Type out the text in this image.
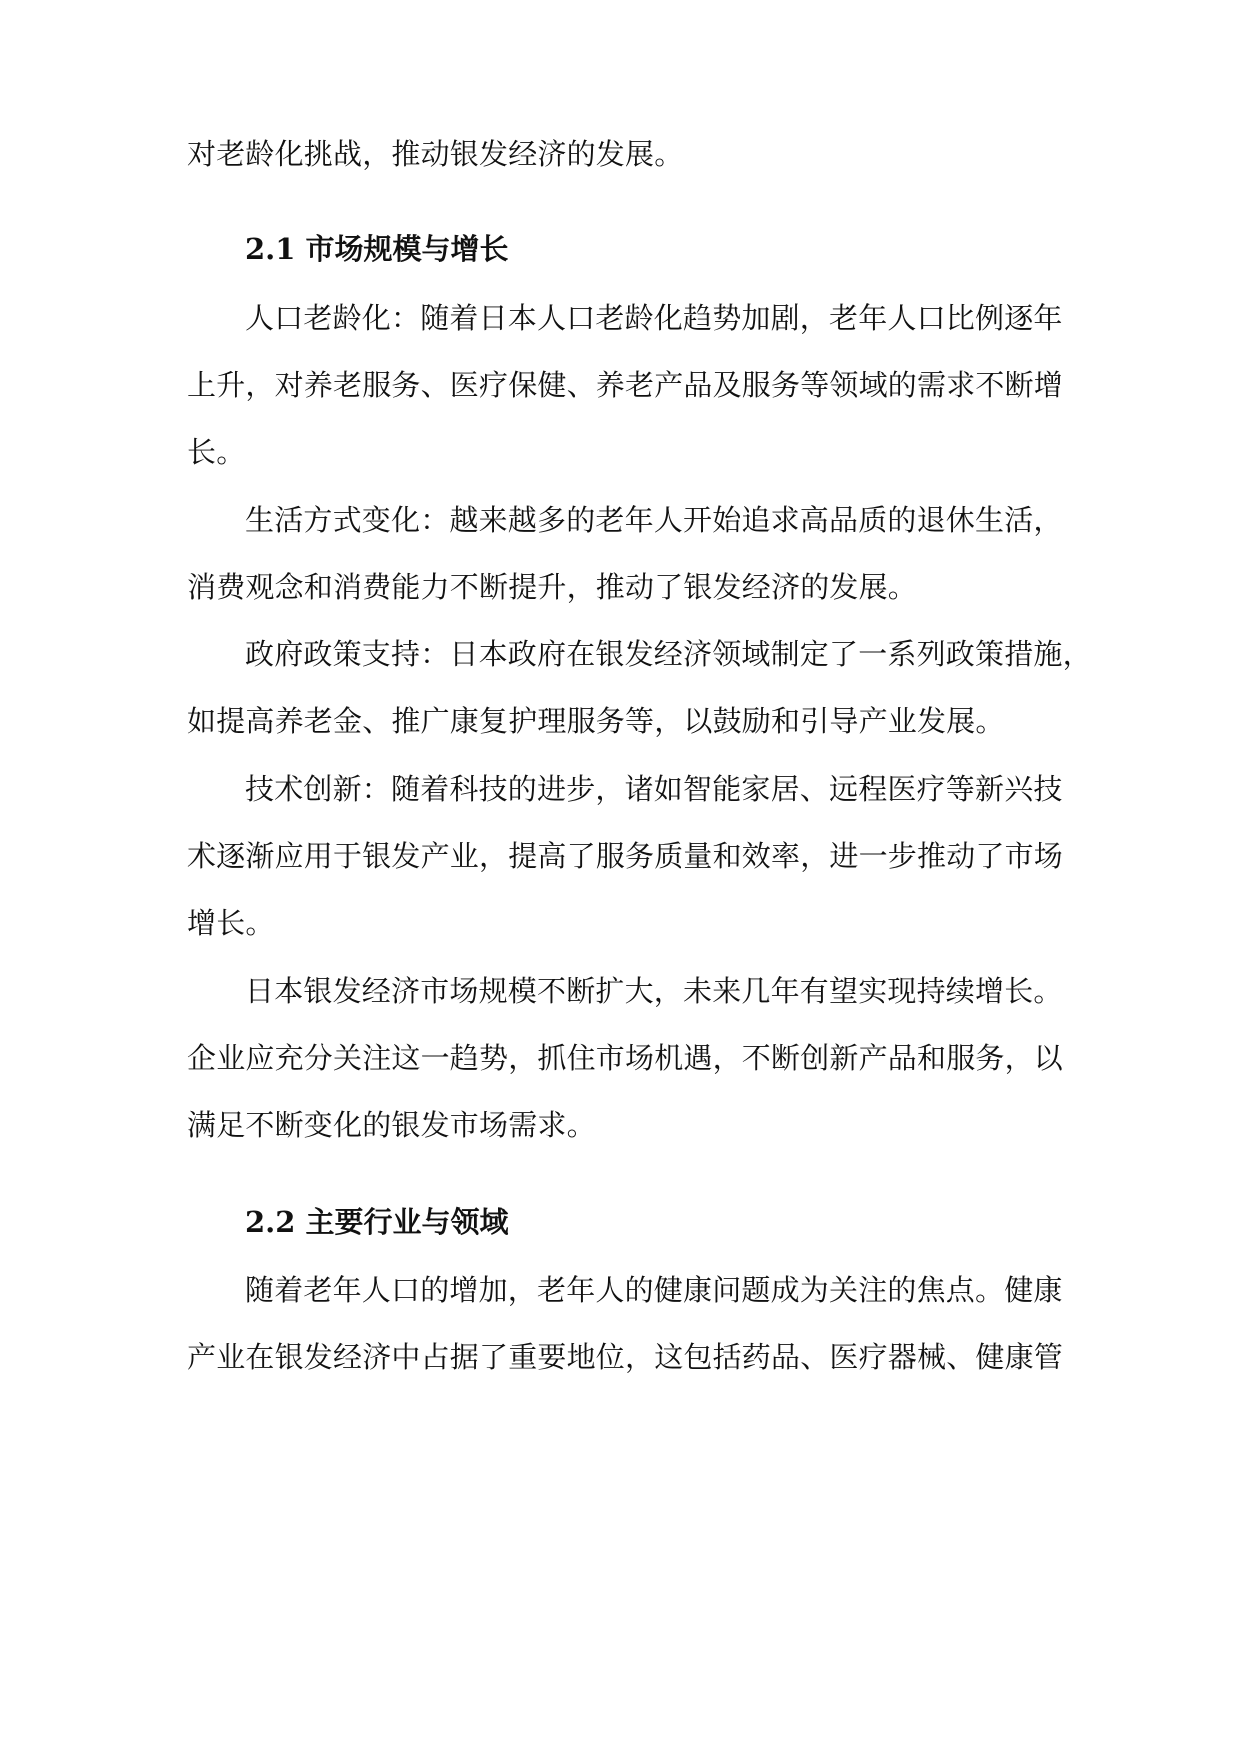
对老龄化挑战，推动银发经济的发展。
2.1 市场规模与增长
人口老龄化：随着日本人口老龄化趋势加剧，老年人口比例逐年
上升，对养老服务、医疗保健、养老产品及服务等领域的需求不断增
长。
生活方式变化：越来越多的老年人开始追求高品质的退休生活，
消费观念和消费能力不断提升，推动了银发经济的发展。
政府政策支持：日本政府在银发经济领域制定了一系列政策措施，
如提高养老金、推广康复护理服务等，以鼓励和引导产业发展。
技术创新：随着科技的进步，诸如智能家居、远程医疗等新兴技
术逐渐应用于银发产业，提高了服务质量和效率，进一步推动了市场
增长。
日本银发经济市场规模不断扩大，未来几年有望实现持续增长。
企业应充分关注这一趋势，抓住市场机遇，不断创新产品和服务，以
满足不断变化的银发市场需求。
2.2 主要行业与领域
随着老年人口的增加，老年人的健康问题成为关注的焦点。健康
产业在银发经济中占据了重要地位，这包括药品、医疗器械、健康管
